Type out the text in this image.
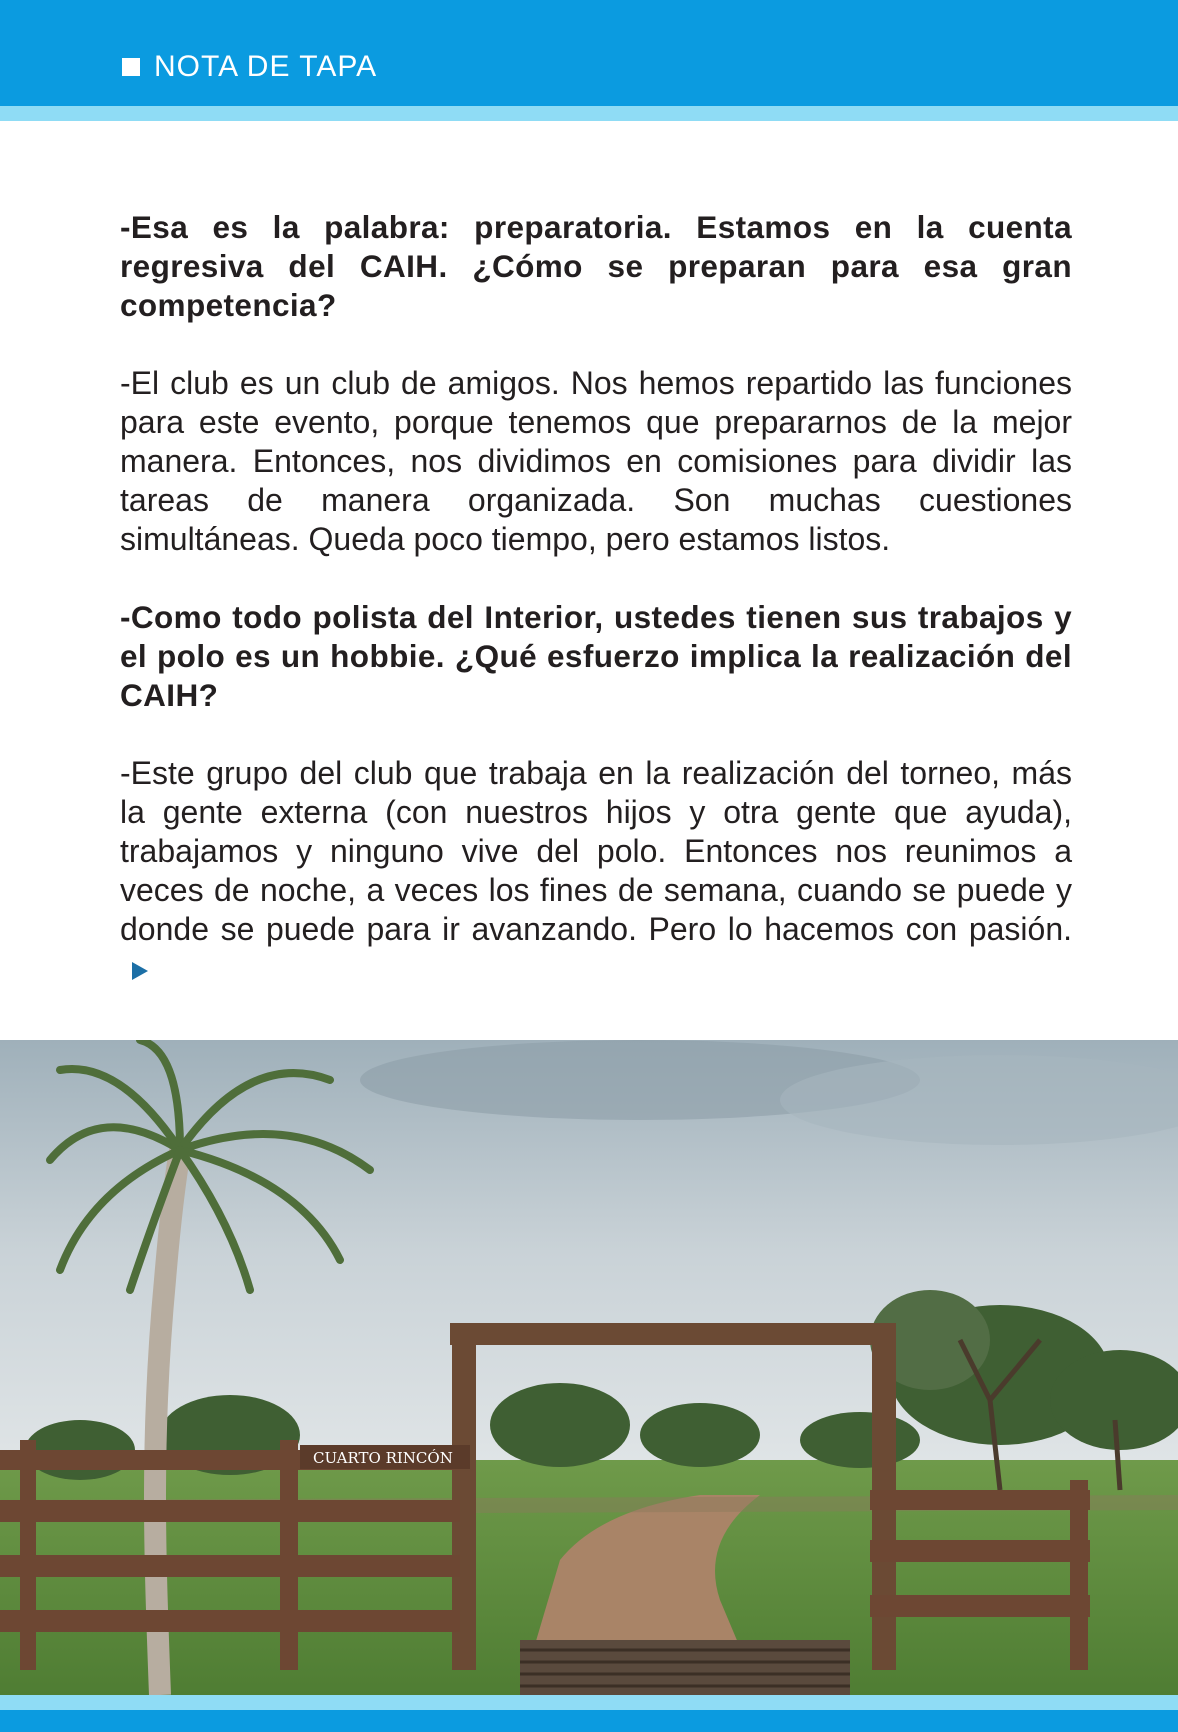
NOTA DE TAPA

-Esa es la palabra: preparatoria. Estamos en la cuenta regresiva del CAIH. ¿Cómo se preparan para esa gran competencia?

-El club es un club de amigos. Nos hemos repartido las funciones para este evento, porque tenemos que prepararnos de la mejor manera. Entonces, nos dividimos en comisiones para dividir las tareas de manera organizada. Son muchas cuestiones simultáneas. Queda poco tiempo, pero estamos listos.

-Como todo polista del Interior, ustedes tienen sus trabajos y el polo es un hobbie. ¿Qué esfuerzo implica la realización del CAIH?

-Este grupo del club que trabaja en la realización del torneo, más la gente externa (con nuestros hijos y otra gente que ayuda), trabajamos y ninguno vive del polo. Entonces nos reunimos a veces de noche, a veces los fines de semana, cuando se puede y donde se puede para ir avanzando. Pero lo hacemos con pasión.

CUARTO RINCÓN
